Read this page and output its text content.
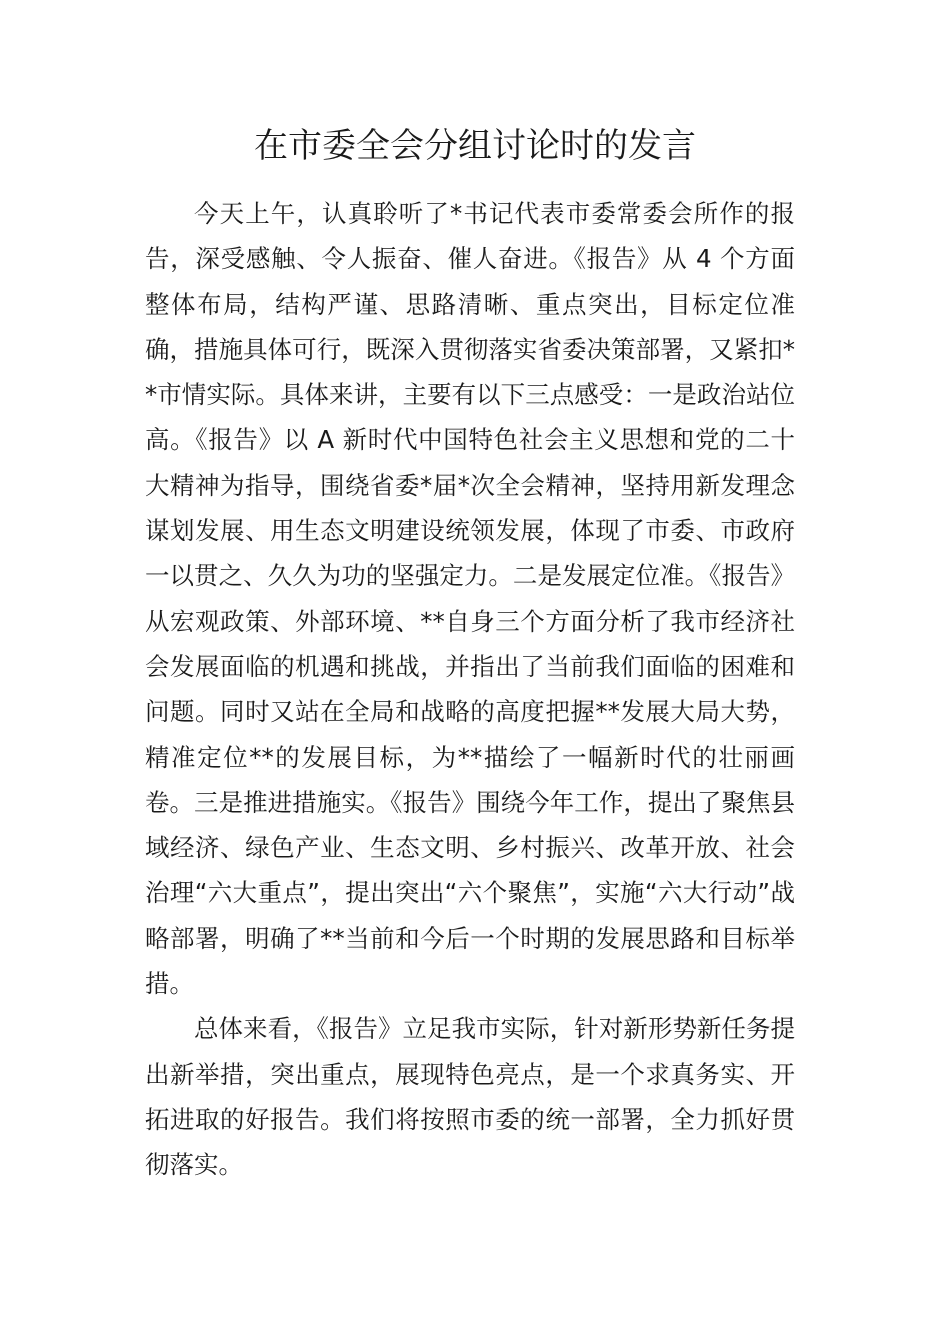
在市委全会分组讨论时的发言

今天上午，认真聆听了*书记代表市委常委会所作的报告，深受感触、令人振奋、催人奋进。《报告》从 4 个方面整体布局，结构严谨、思路清晰、重点突出，目标定位准确，措施具体可行，既深入贯彻落实省委决策部署，又紧扣**市情实际。具体来讲，主要有以下三点感受：一是政治站位高。《报告》以 A 新时代中国特色社会主义思想和党的二十大精神为指导，围绕省委*届*次全会精神，坚持用新发理念谋划发展、用生态文明建设统领发展，体现了市委、市政府一以贯之、久久为功的坚强定力。二是发展定位准。《报告》从宏观政策、外部环境、**自身三个方面分析了我市经济社会发展面临的机遇和挑战，并指出了当前我们面临的困难和问题。同时又站在全局和战略的高度把握**发展大局大势，精准定位**的发展目标，为**描绘了一幅新时代的壮丽画卷。三是推进措施实。《报告》围绕今年工作，提出了聚焦县域经济、绿色产业、生态文明、乡村振兴、改革开放、社会治理“六大重点”，提出突出“六个聚焦”，实施“六大行动”战略部署，明确了**当前和今后一个时期的发展思路和目标举措。

总体来看，《报告》立足我市实际，针对新形势新任务提出新举措，突出重点，展现特色亮点，是一个求真务实、开拓进取的好报告。我们将按照市委的统一部署，全力抓好贯彻落实。
